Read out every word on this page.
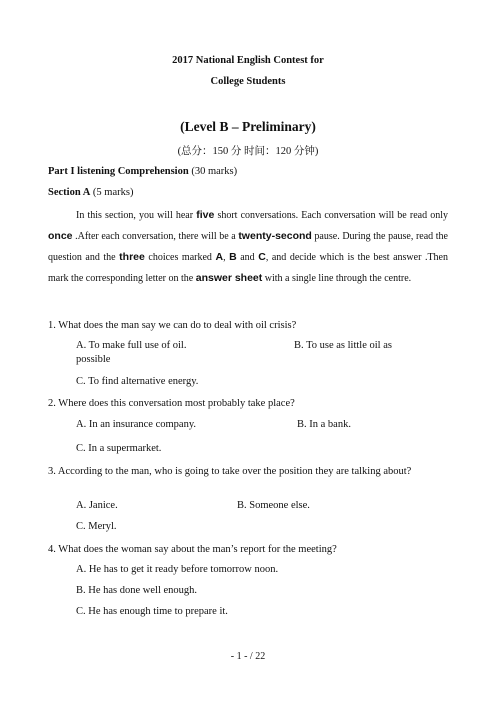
2017 National English Contest for
College Students
(Level B – Preliminary)
(总分：150 分 时间：120 分钟)
Part I listening Comprehension (30 marks)
Section A (5 marks)
In this section, you will hear five short conversations. Each conversation will be read only once .After each conversation, there will be a twenty-second pause. During the pause, read the question and the three choices marked A, B and C, and decide which is the best answer .Then mark the corresponding letter on the answer sheet with a single line through the centre.
1. What does the man say we can do to deal with oil crisis?
A. To make full use of oil.	B. To use as little oil as possible
C. To find alternative energy.
2. Where does this conversation most probably take place?
A. In an insurance company.	B. In a bank.
C. In a supermarket.
3. According to the man, who is going to take over the position they are talking about?
A. Janice.	B. Someone else.
C. Meryl.
4. What does the woman say about the man’s report for the meeting?
A. He has to get it ready before tomorrow noon.
B. He has done well enough.
C. He has enough time to prepare it.
- 1 - / 22
